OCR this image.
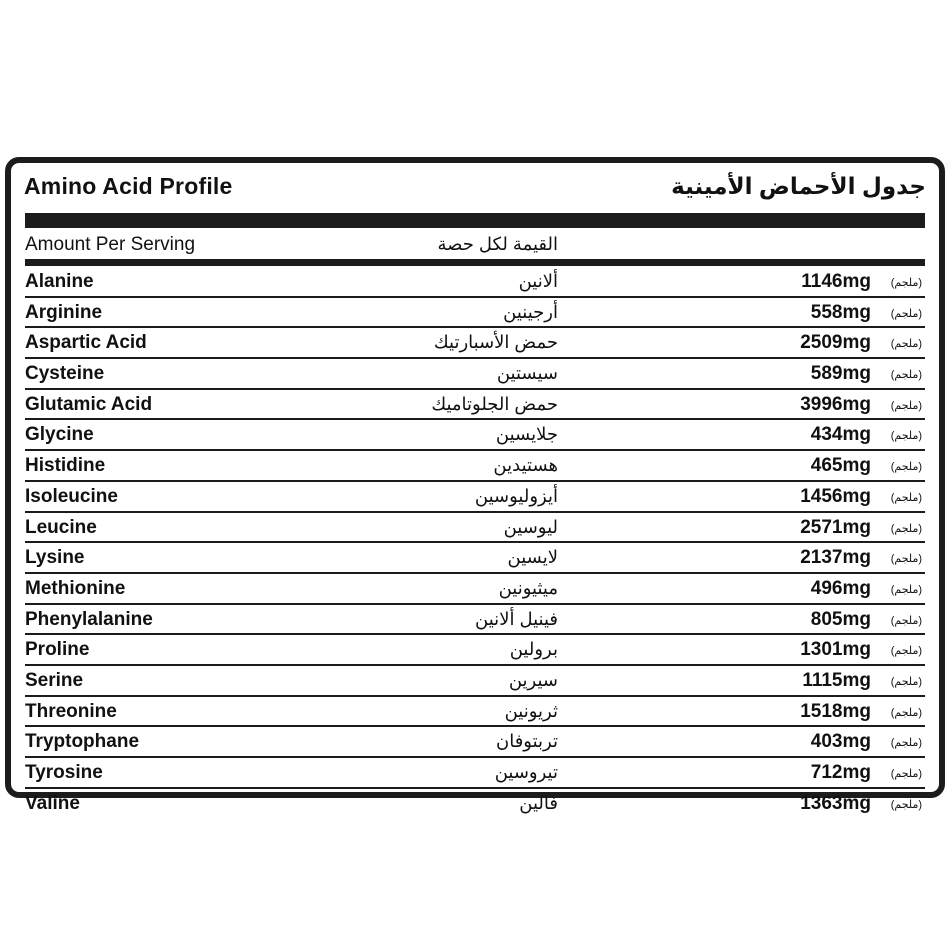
Amino Acid Profile	جدول الأحماض الأمينية
Amount Per Serving	القيمة لكل حصة
Alanine	ألانين	1146mg (ملجم)
Arginine	أرجينين	558mg (ملجم)
Aspartic Acid	حمض الأسبارتيك	2509mg (ملجم)
Cysteine	سيستين	589mg (ملجم)
Glutamic Acid	حمض الجلوتاميك	3996mg (ملجم)
Glycine	جلايسين	434mg (ملجم)
Histidine	هستيدين	465mg (ملجم)
Isoleucine	أيزوليوسين	1456mg (ملجم)
Leucine	ليوسين	2571mg (ملجم)
Lysine	لايسين	2137mg (ملجم)
Methionine	ميثيونين	496mg (ملجم)
Phenylalanine	فينيل ألانين	805mg (ملجم)
Proline	برولين	1301mg (ملجم)
Serine	سيرين	1115mg (ملجم)
Threonine	ثريونين	1518mg (ملجم)
Tryptophane	تربتوفان	403mg (ملجم)
Tyrosine	تيروسين	712mg (ملجم)
Valine	فالين	1363mg (ملجم)
